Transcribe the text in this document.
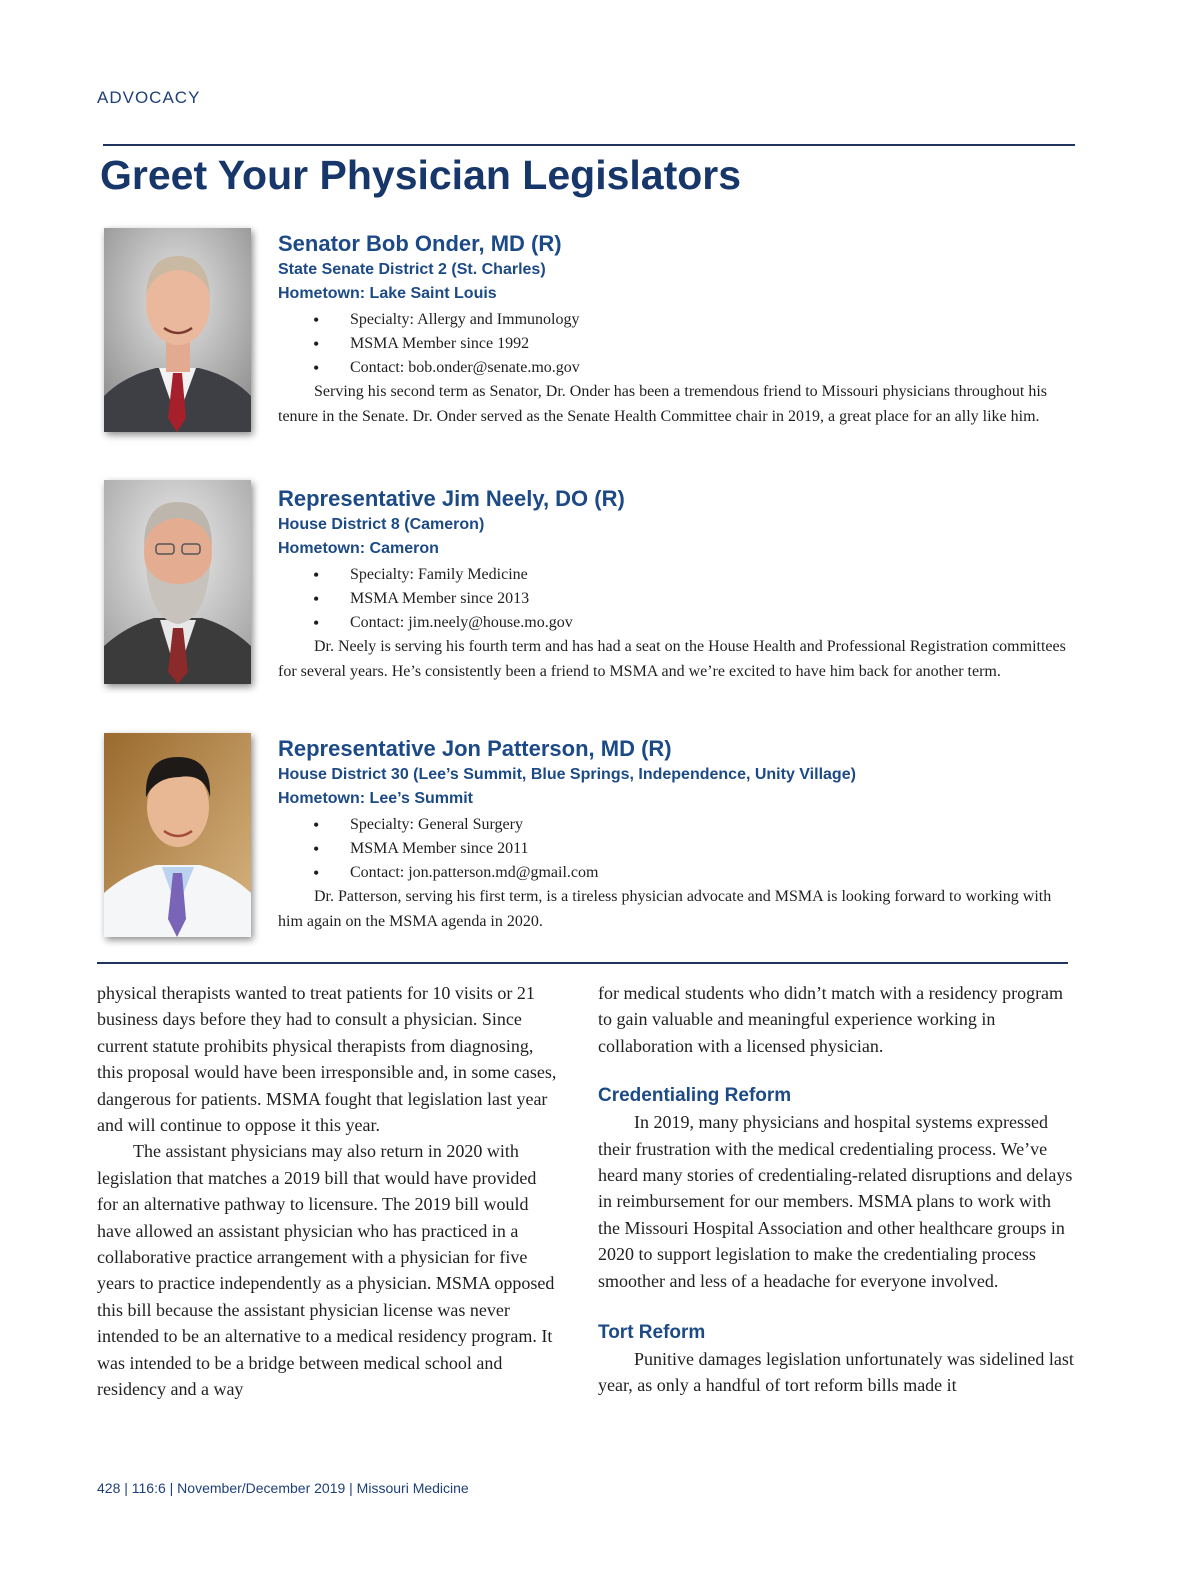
ADVOCACY
Greet Your Physician Legislators
Senator Bob Onder, MD (R)
State Senate District 2 (St. Charles)
Hometown: Lake Saint Louis
• Specialty: Allergy and Immunology
• MSMA Member since 1992
• Contact: bob.onder@senate.mo.gov

Serving his second term as Senator, Dr. Onder has been a tremendous friend to Missouri physicians throughout his tenure in the Senate. Dr. Onder served as the Senate Health Committee chair in 2019, a great place for an ally like him.

Representative Jim Neely, DO (R)
House District 8 (Cameron)
Hometown: Cameron
• Specialty: Family Medicine
• MSMA Member since 2013
• Contact: jim.neely@house.mo.gov

Dr. Neely is serving his fourth term and has had a seat on the House Health and Professional Registration committees for several years. He’s consistently been a friend to MSMA and we’re excited to have him back for another term.

Representative Jon Patterson, MD (R)
House District 30 (Lee’s Summit, Blue Springs, Independence, Unity Village)
Hometown: Lee’s Summit
• Specialty: General Surgery
• MSMA Member since 2011
• Contact: jon.patterson.md@gmail.com

Dr. Patterson, serving his first term, is a tireless physician advocate and MSMA is looking forward to working with him again on the MSMA agenda in 2020.

physical therapists wanted to treat patients for 10 visits or 21 business days before they had to consult a physician. Since current statute prohibits physical therapists from diagnosing, this proposal would have been irresponsible and, in some cases, dangerous for patients. MSMA fought that legislation last year and will continue to oppose it this year.

The assistant physicians may also return in 2020 with legislation that matches a 2019 bill that would have provided for an alternative pathway to licensure. The 2019 bill would have allowed an assistant physician who has practiced in a collaborative practice arrangement with a physician for five years to practice independently as a physician. MSMA opposed this bill because the assistant physician license was never intended to be an alternative to a medical residency program. It was intended to be a bridge between medical school and residency and a way

for medical students who didn’t match with a residency program to gain valuable and meaningful experience working in collaboration with a licensed physician.

Credentialing Reform

In 2019, many physicians and hospital systems expressed their frustration with the medical credentialing process. We’ve heard many stories of credentialing-related disruptions and delays in reimbursement for our members. MSMA plans to work with the Missouri Hospital Association and other healthcare groups in 2020 to support legislation to make the credentialing process smoother and less of a headache for everyone involved.

Tort Reform

Punitive damages legislation unfortunately was sidelined last year, as only a handful of tort reform bills made it

428 | 116:6 | November/December 2019 | Missouri Medicine
